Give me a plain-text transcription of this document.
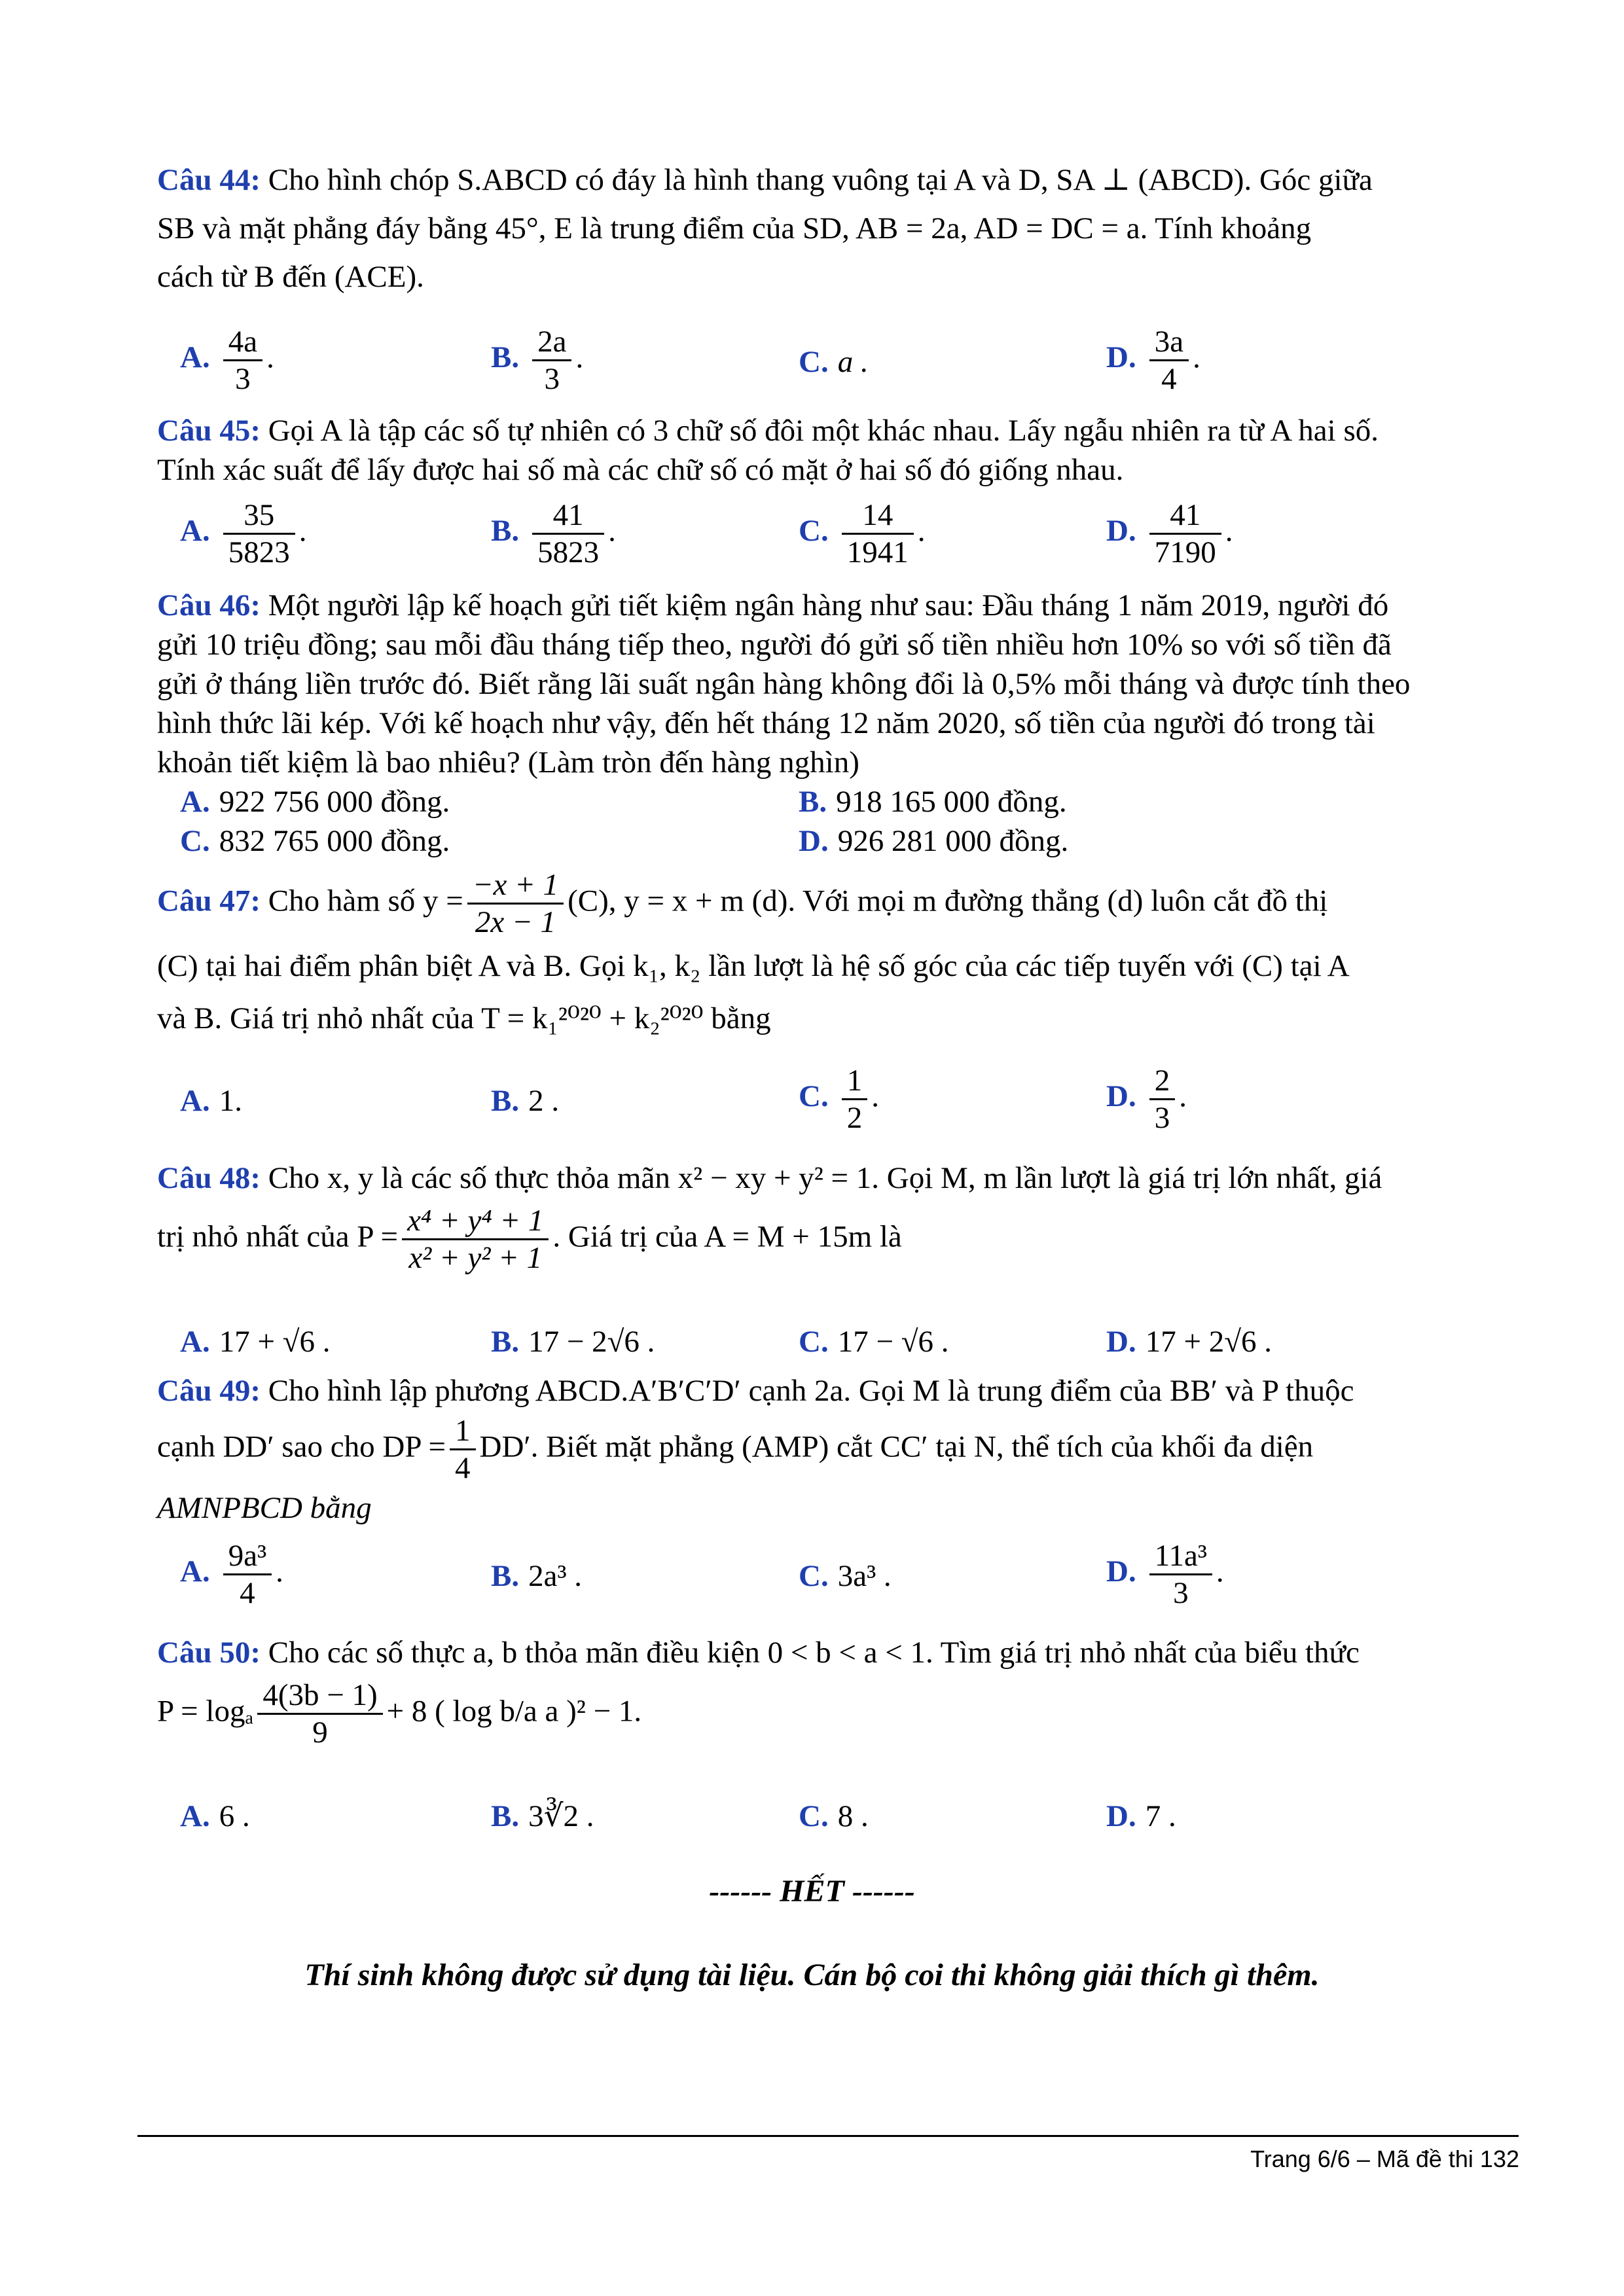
Câu 44: Cho hình chóp S.ABCD có đáy là hình thang vuông tại A và D, SA ⊥ (ABCD). Góc giữa
SB và mặt phẳng đáy bằng 45°, E là trung điểm của SD, AB = 2a, AD = DC = a. Tính khoảng
cách từ B đến (ACE).
A. $\frac{4a}{3}$ .	B. $\frac{2a}{3}$ .	C. a .	D. $\frac{3a}{4}$ .
Câu 45: Gọi A là tập các số tự nhiên có 3 chữ số đôi một khác nhau. Lấy ngẫu nhiên ra từ A hai số.
Tính xác suất để lấy được hai số mà các chữ số có mặt ở hai số đó giống nhau.
A. $\frac{35}{5823}$ .	B. $\frac{41}{5823}$ .	C. $\frac{14}{1941}$ .	D. $\frac{41}{7190}$ .
Câu 46: Một người lập kế hoạch gửi tiết kiệm ngân hàng như sau: Đầu tháng 1 năm 2019, người đó
gửi 10 triệu đồng; sau mỗi đầu tháng tiếp theo, người đó gửi số tiền nhiều hơn 10% so với số tiền đã
gửi ở tháng liền trước đó. Biết rằng lãi suất ngân hàng không đổi là 0,5% mỗi tháng và được tính theo
hình thức lãi kép. Với kế hoạch như vậy, đến hết tháng 12 năm 2020, số tiền của người đó trong tài
khoản tiết kiệm là bao nhiêu? (Làm tròn đến hàng nghìn)
A. 922 756 000 đồng.	B. 918 165 000 đồng.
C. 832 765 000 đồng.	D. 926 281 000 đồng.
Câu 47: Cho hàm số $y = \frac{-x + 1}{2x - 1} (C)$, y = x + m (d). Với mọi m đường thẳng (d) luôn cắt đồ thị
(C) tại hai điểm phân biệt A và B. Gọi k₁, k₂ lần lượt là hệ số góc của các tiếp tuyến với (C) tại A
và B. Giá trị nhỏ nhất của T = k₁²⁰²⁰ + k₂²⁰²⁰ bằng
A. 1.	B. 2 .	C. $\frac{1}{2}$ .	D. $\frac{2}{3}$ .
Câu 48: Cho x, y là các số thực thỏa mãn x² − xy + y² = 1. Gọi M, m lần lượt là giá trị lớn nhất, giá
trị nhỏ nhất của $P = \frac{\text{x⁴ + y⁴ + 1}}{\text{x² + y² + 1}}$ . Giá trị của A = M + 15m là
A. 17 + √6 .	B. 17 − 2√6 .	C. 17 − √6 .	D. 17 + 2√6 .
Câu 49: Cho hình lập phương ABCD.A′B′C′D′ cạnh 2a. Gọi M là trung điểm của BB′ và P thuộc
cạnh DD′ sao cho DP = $\frac{1}{4} DD'$. Biết mặt phẳng (AMP) cắt CC′ tại N, thể tích của khối đa diện
AMNPBCD bằng
A. $\frac{\text{9a³}}{4}$ .	B. 2a³ .	C. 3a³ .	D. $\frac{\text{11a³}}{3}$ .
Câu 50: Cho các số thực a, b thỏa mãn điều kiện 0 < b < a < 1. Tìm giá trị nhỏ nhất của biểu thức
P = logₐ $\frac{4(3b - 1)}{9} + 8$ ( log b/a a )² − 1.
A. 6 .	B. 3∛2 .	C. 8 .	D. 7 .
------ HẾT ------
Thí sinh không được sử dụng tài liệu. Cán bộ coi thi không giải thích gì thêm.
Trang 6/6 – Mã đề thi 132
